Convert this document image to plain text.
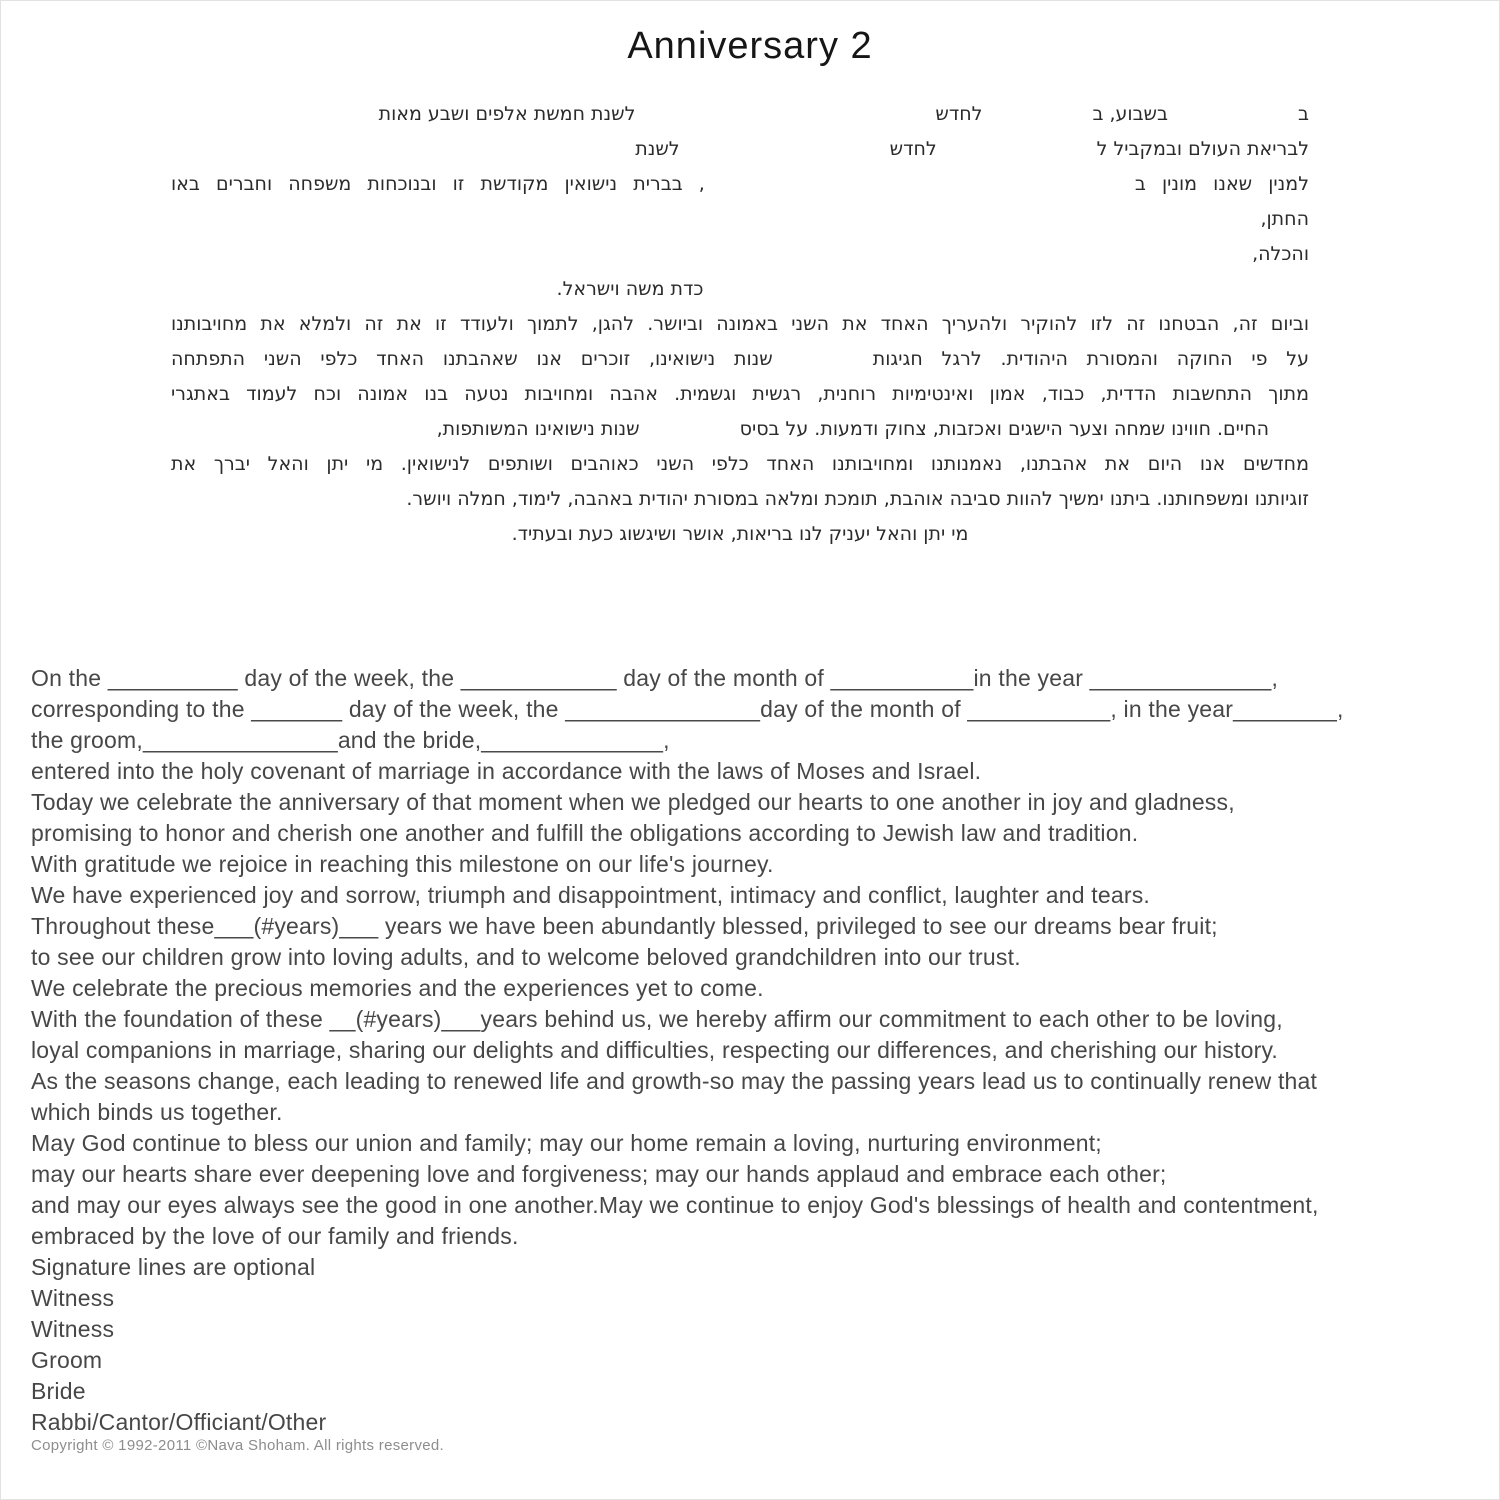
Anniversary 2
בבשבוע, בלחדשלשנת חמשת אלפים ושבע מאות
לבריאת העולם ובמקביל ללחדשלשנת
למנין שאנו מונין ב, בברית נישואין מקודשת זו ובנוכחות משפחה וחברים באו
החתן,
והכלה,
כדת משה וישראל.
וביום זה, הבטחנו זה לזו להוקיר ולהעריך האחד את השני באמונה וביושר. להגן, לתמוך ולעודד זו את זה ולמלא את מחויבותנו
על פי החוקה והמסורת היהודית. לרגל חגיגותשנות נישואינו, זוכרים אנו שאהבתנו האחד כלפי השני התפתחה
מתוך התחשבות הדדית, כבוד, אמון ואינטימיות רוחנית, רגשית וגשמית. אהבה ומחויבות נטעה בנו אמונה וכח לעמוד באתגרי
החיים. חווינו שמחה וצער הישגים ואכזבות, צחוק ודמעות. על בסיסשנות נישואינו המשותפות,
מחדשים אנו היום את אהבתנו, נאמנותנו ומחויבותנו האחד כלפי השני כאוהבים ושותפים לנישואין. מי יתן והאל יברך את
זוגיותנו ומשפחותנו. ביתנו ימשיך להוות סביבה אוהבת, תומכת ומלאה במסורת יהודית באהבה, לימוד, חמלה ויושר.
מי יתן והאל יעניק לנו בריאות, אושר ושיגשוג כעת ובעתיד.
On the __________ day of the week, the ____________ day of the month of ___________in the year ______________,
corresponding to the _______ day of the week, the _______________day of the month of ___________, in the year________,
the groom,_______________and the bride,______________,
entered into the holy covenant of marriage in accordance with the laws of Moses and Israel.
Today we celebrate the anniversary of that moment when we pledged our hearts to one another in joy and gladness,
promising to honor and cherish one another and fulfill the obligations according to Jewish law and tradition.
With gratitude we rejoice in reaching this milestone on our life's journey.
We have experienced joy and sorrow, triumph and disappointment, intimacy and conflict, laughter and tears.
Throughout these___(#years)___ years we have been abundantly blessed, privileged to see our dreams bear fruit;
to see our children grow into loving adults, and to welcome beloved grandchildren into our trust.
We celebrate the precious memories and the experiences yet to come.
With the foundation of these __(#years)___years behind us, we hereby affirm our commitment to each other to be loving,
loyal companions in marriage, sharing our delights and difficulties, respecting our differences, and cherishing our history.
As the seasons change, each leading to renewed life and growth-so may the passing years lead us to continually renew that
which binds us together.
May God continue to bless our union and family; may our home remain a loving, nurturing environment;
may our hearts share ever deepening love and forgiveness; may our hands applaud and embrace each other;
and may our eyes always see the good in one another.May we continue to enjoy God's blessings of health and contentment,
embraced by the love of our family and friends.
Signature lines are optional
Witness
Witness
Groom
Bride
Rabbi/Cantor/Officiant/Other
Copyright © 1992-2011 ©Nava Shoham. All rights reserved.
